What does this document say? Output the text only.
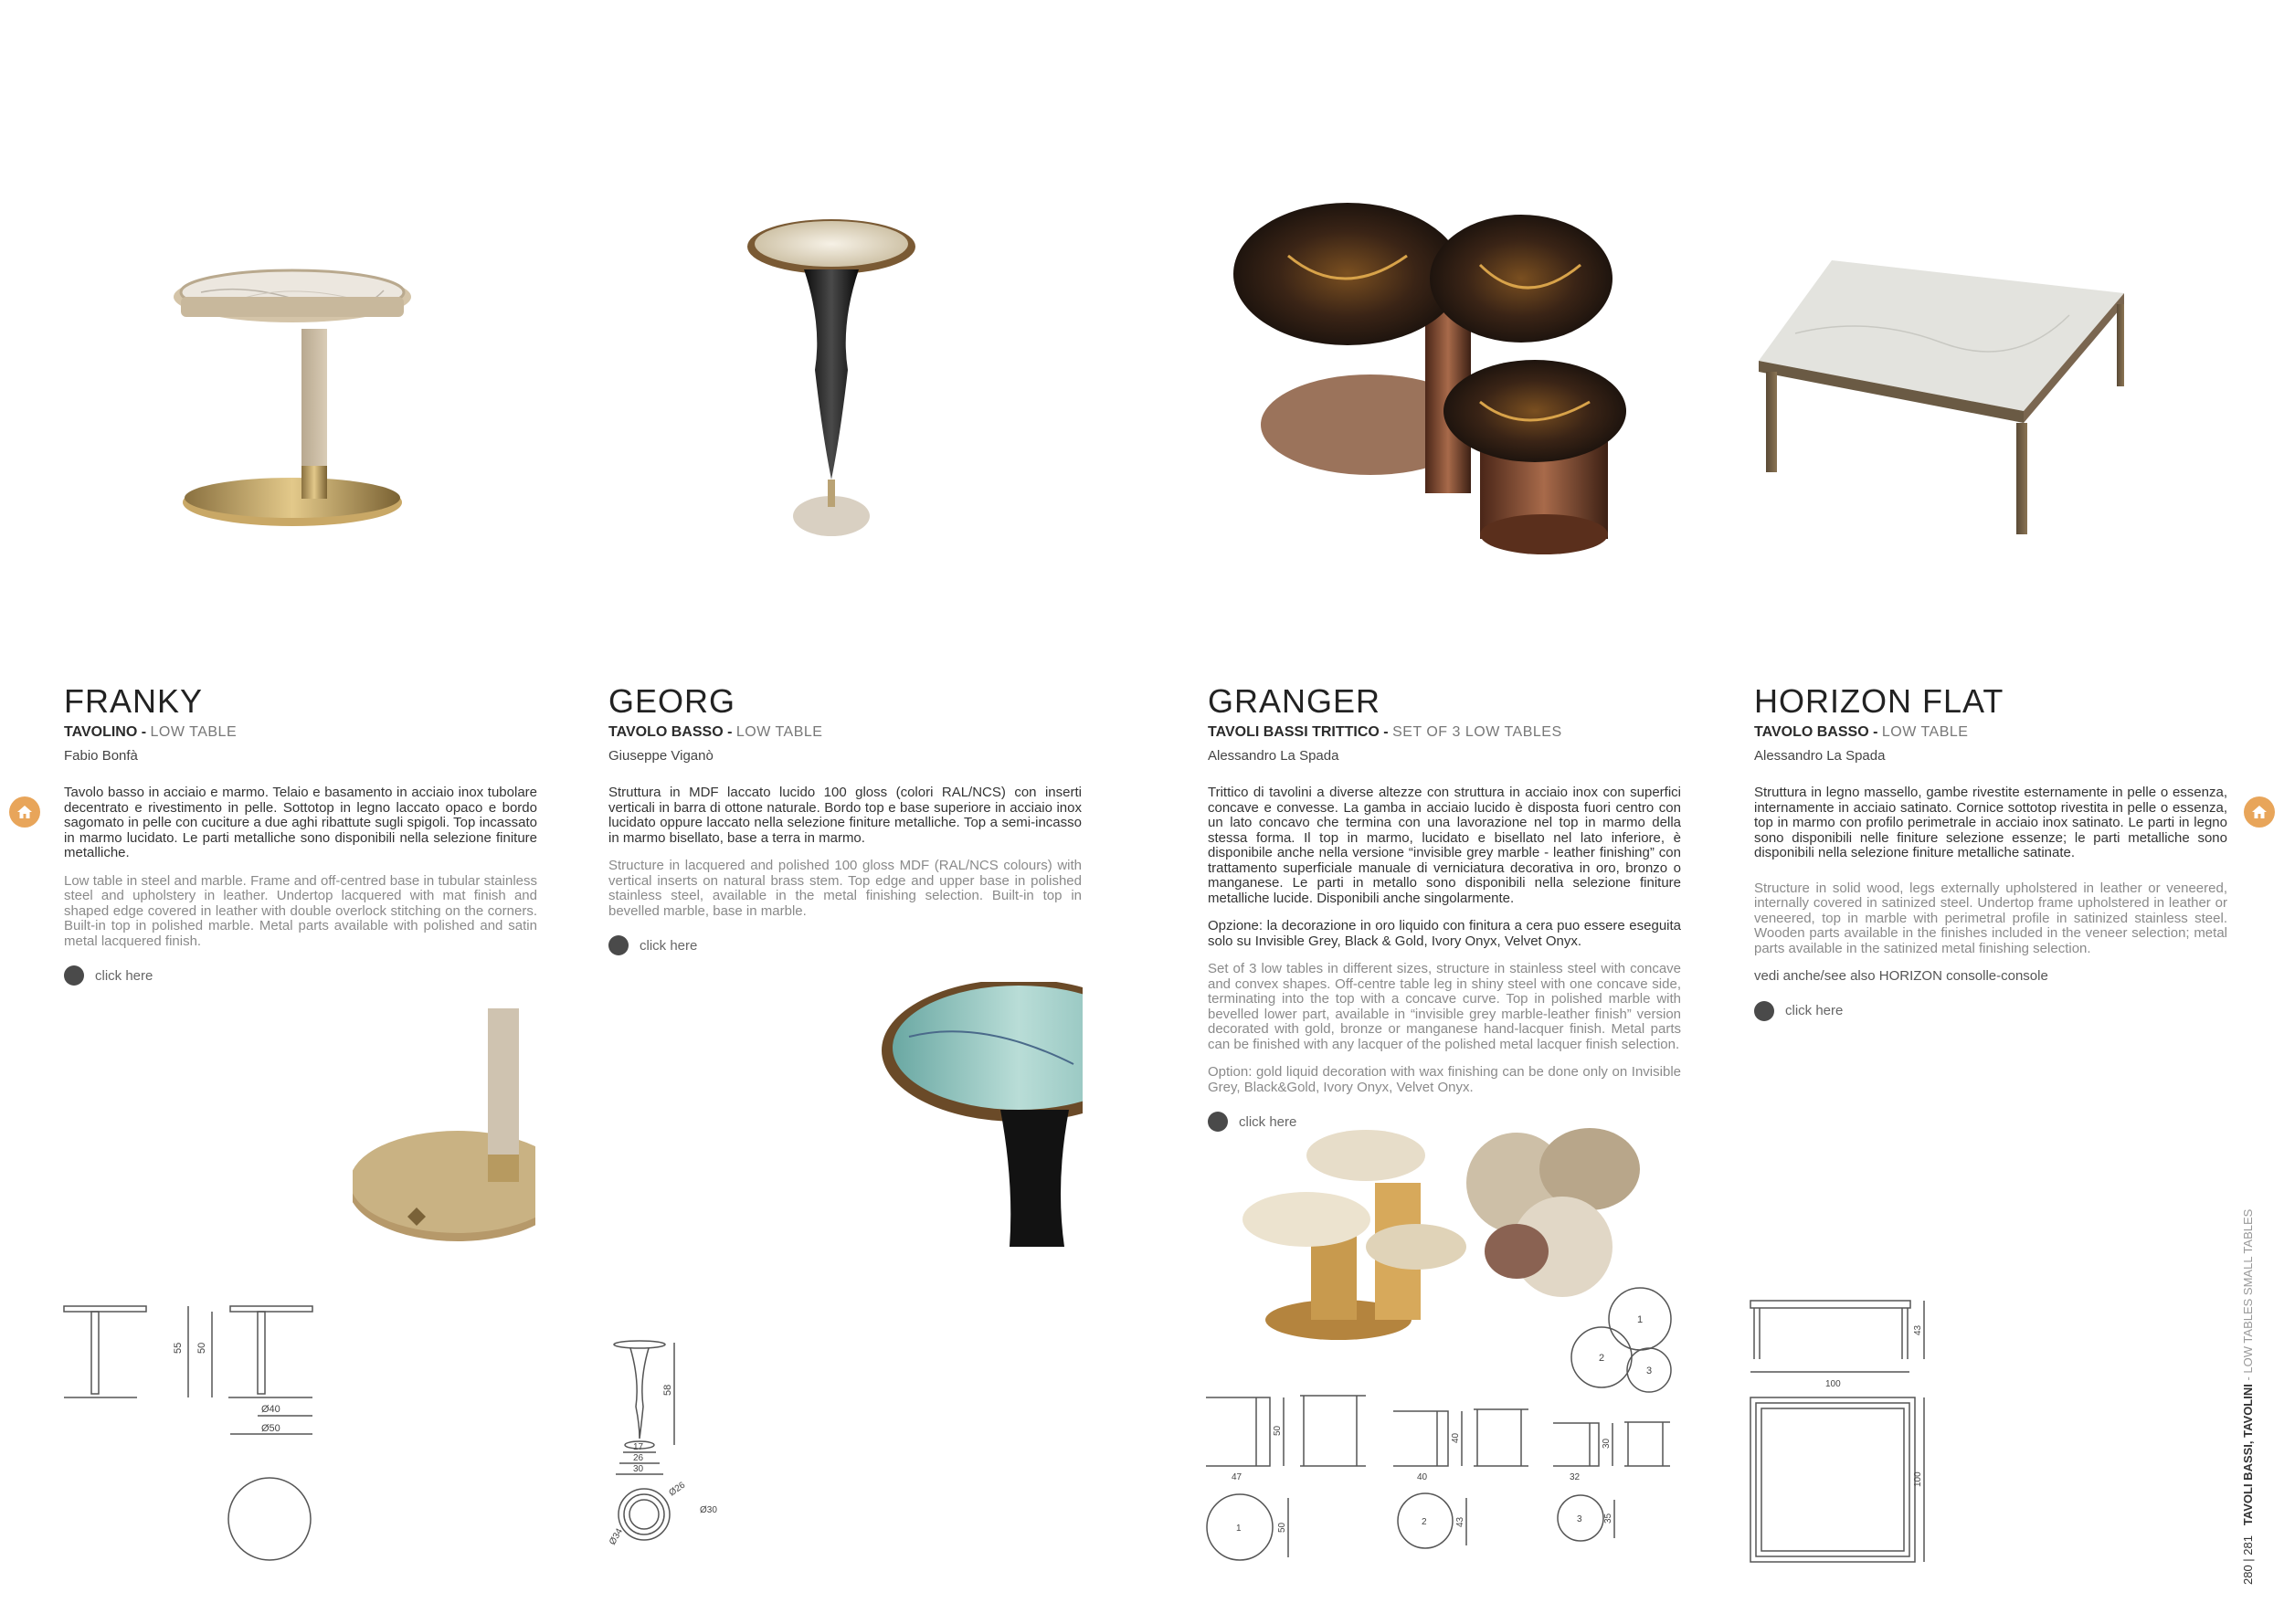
55 50
Ø40
Ø50
58
17
26
30
Ø26
Ø30
Ø34
1
2
3
50
40
30
47	40	32
1
2	3
50
43	35
43
100
100
FRANKY
TAVOLINO - LOW TABLE
Fabio Bonfà
Tavolo basso in acciaio e marmo. Telaio e basamento in acciaio inox tubolare decentrato e rivestimento in pelle. Sottotop in legno laccato opaco e bordo sagomato in pelle con cuciture a due aghi ribattute sugli spigoli. Top incassato in marmo lucidato. Le parti metalliche sono disponibili nella selezione finiture metalliche.
Low table in steel and marble. Frame and off-centred base in tubular stainless steel and upholstery in leather. Undertop lacquered with mat finish and shaped edge covered in leather with double overlock stitching on the corners. Built-in top in polished marble. Metal parts available with polished and satin metal lacquered finish.
click here
GEORG
TAVOLO BASSO - LOW TABLE
Giuseppe Viganò
Struttura in MDF laccato lucido 100 gloss (colori RAL/NCS) con inserti verticali in barra di ottone naturale. Bordo top e base superiore in acciaio inox lucidato oppure laccato nella selezione finiture metalliche. Top a semi-incasso in marmo bisellato, base a terra in marmo.
Structure in lacquered and polished 100 gloss MDF (RAL/NCS colours) with vertical inserts on natural brass stem. Top edge and upper base in polished stainless steel, available in the metal finishing selection. Built-in top in bevelled marble, base in marble.
click here
GRANGER
TAVOLI BASSI TRITTICO - SET OF 3 LOW TABLES
Alessandro La Spada
Trittico di tavolini a diverse altezze con struttura in acciaio inox con superfici concave e convesse. La gamba in acciaio lucido è disposta fuori centro con un lato concavo che termina con una lavorazione nel top in marmo della stessa forma. Il top in marmo, lucidato e bisellato nel lato inferiore, è disponibile anche nella versione “invisible grey marble - leather finishing” con trattamento superficiale manuale di verniciatura decorativa in oro, bronzo o manganese. Le parti in metallo sono disponibili nella selezione finiture metalliche lucide. Disponibili anche singolarmente.
Opzione: la decorazione in oro liquido con finitura a cera puo essere eseguita solo su Invisible Grey, Black & Gold, Ivory Onyx, Velvet Onyx.
Set of 3 low tables in different sizes, structure in stainless steel with concave and convex shapes. Off-centre table leg in shiny steel with one concave side, terminating into the top with a concave curve. Top in polished marble with bevelled lower part, available in “invisible grey marble-leather finish” version decorated with gold, bronze or manganese hand-lacquer finish. Metal parts can be finished with any lacquer of the polished metal lacquer finish selection.
Option: gold liquid decoration with wax finishing can be done only on Invisible Grey, Black&Gold, Ivory Onyx, Velvet Onyx.
click here
HORIZON FLAT
TAVOLO BASSO - LOW TABLE
Alessandro La Spada
Struttura in legno massello, gambe rivestite esternamente in pelle o essenza, internamente in acciaio satinato. Cornice sottotop rivestita in pelle o essenza, top in marmo con profilo perimetrale in acciaio inox satinato. Le parti in legno sono disponibili nelle finiture selezione essenze; le parti metalliche sono disponibili nella selezione finiture metalliche satinate.
Structure in solid wood, legs externally upholstered in leather or veneered, internally covered in satinized steel. Undertop frame upholstered in leather or veneered, top in marble with perimetral profile in satinized stainless steel. Wooden parts available in the finishes included in the veneer selection; metal parts available in the satinized metal finishing selection.
vedi anche/see also HORIZON consolle-console
click here
280 | 281   TAVOLI BASSI, TAVOLINI - LOW TABLES SMALL TABLES
